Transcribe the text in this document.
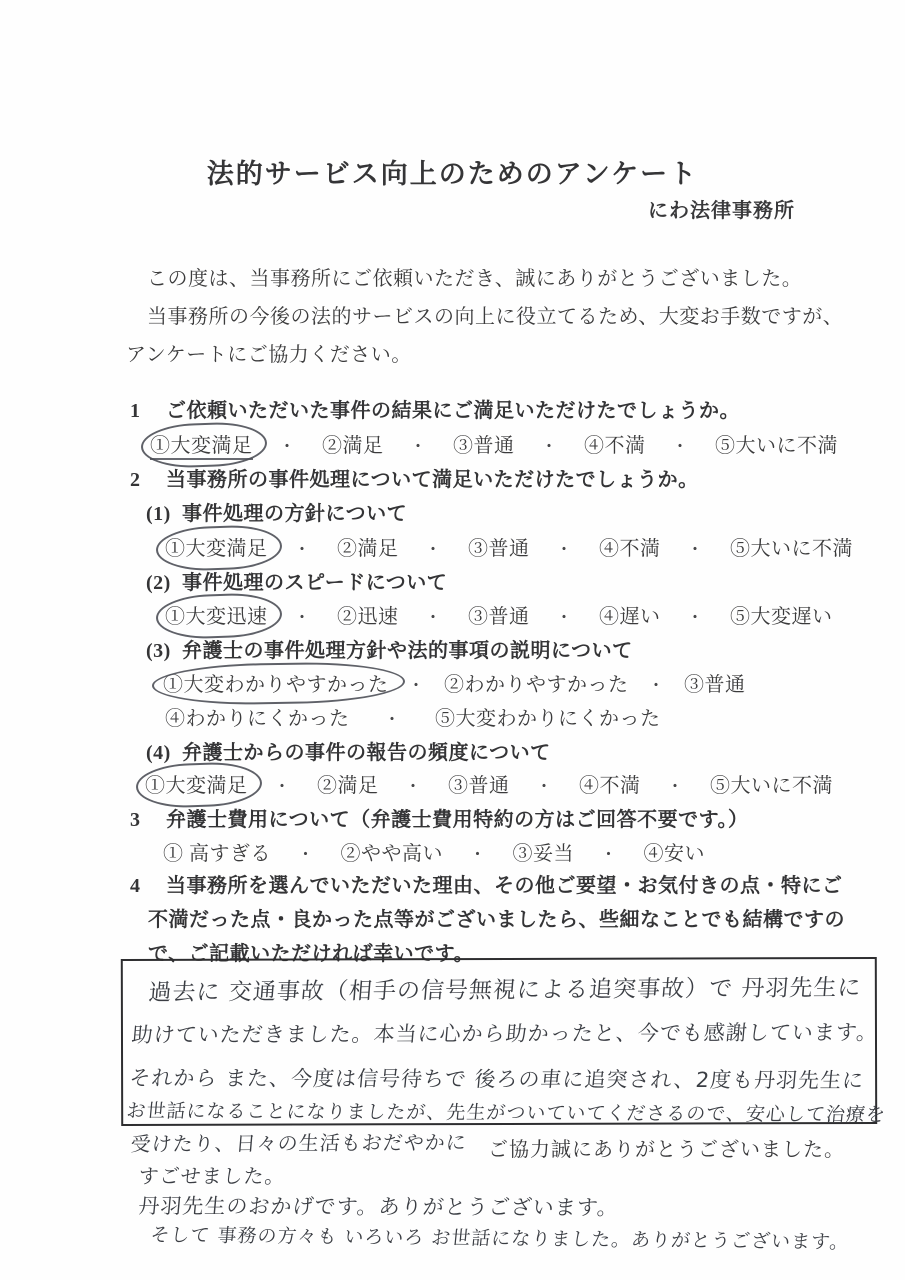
法的サービス向上のためのアンケート
にわ法律事務所
この度は、当事務所にご依頼いただき、誠にありがとうございました。
当事務所の今後の法的サービスの向上に役立てるため、大変お手数ですが、
アンケートにご協力ください。
1 ご依頼いただいた事件の結果にご満足いただけたでしょうか。
①大変満足 ・ ②満足 ・ ③普通 ・ ④不満 ・ ⑤大いに不満
2 当事務所の事件処理について満足いただけたでしょうか。
(1) 事件処理の方針について
①大変満足 ・ ②満足 ・ ③普通 ・ ④不満 ・ ⑤大いに不満
(2) 事件処理のスピードについて
①大変迅速 ・ ②迅速 ・ ③普通 ・ ④遅い ・ ⑤大変遅い
(3) 弁護士の事件処理方針や法的事項の説明について
①大変わかりやすかった ・ ②わかりやすかった ・ ③普通
④わかりにくかった ・ ⑤大変わかりにくかった
(4) 弁護士からの事件の報告の頻度について
①大変満足 ・ ②満足 ・ ③普通 ・ ④不満 ・ ⑤大いに不満
3 弁護士費用について（弁護士費用特約の方はご回答不要です。）
① 高すぎる ・ ②やや高い ・ ③妥当 ・ ④安い
4 当事務所を選んでいただいた理由、その他ご要望・お気付きの点・特にご
不満だった点・良かった点等がございましたら、些細なことでも結構ですの
で、ご記載いただければ幸いです。
過去に 交通事故（相手の信号無視による追突事故）で 丹羽先生に
助けていただきました。本当に心から助かったと、今でも感謝しています。
それから また、今度は信号待ちで 後ろの車に追突され、2度も丹羽先生に
お世話になることになりましたが、先生がついていてくださるので、安心して治療を
受けたり、日々の生活もおだやかに
すごせました。
丹羽先生のおかげです。ありがとうございます。
そして 事務の方々も いろいろ お世話になりました。ありがとうございます。
ご協力誠にありがとうございました。
